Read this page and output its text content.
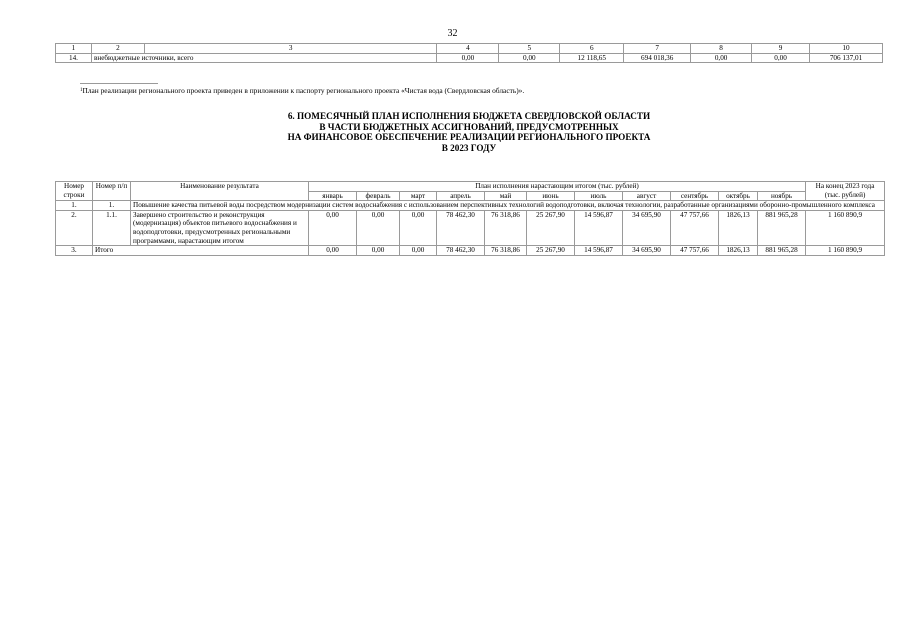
32
1	2	3	4	5	6	7	8	9	10
14.	внебюджетные источники, всего		0,00	0,00	12 118,65	694 018,36	0,00	0,00	706 137,01
$^1$План реализации регионального проекта приведен в приложении к паспорту регионального проекта «Чистая вода (Свердловская область)».
6. ПОМЕСЯЧНЫЙ ПЛАН ИСПОЛНЕНИЯ БЮДЖЕТА СВЕРДЛОВСКОЙ ОБЛАСТИ
В ЧАСТИ БЮДЖЕТНЫХ АССИГНОВАНИЙ, ПРЕДУСМОТРЕННЫХ
НА ФИНАНСОВОЕ ОБЕСПЕЧЕНИЕ РЕАЛИЗАЦИИ РЕГИОНАЛЬНОГО ПРОЕКТА
В 2023 ГОДУ
Номер строки	Номер п/п	Наименование результата	План исполнения нарастающим итогом (тыс. рублей)											На конец 2023 года (тыс. рублей)
			январь	февраль	март	апрель	май	июнь	июль	август	сентябрь	октябрь	ноябрь	
1.	1.	Повышение качества питьевой воды посредством модернизации систем водоснабжения с использованием перспективных технологий водоподготовки, включая технологии, разработанные организациями оборонно-промышленного комплекса												
2.	1.1.	Завершено строительство и реконструкция (модернизация) объектов питьевого водоснабжения и водоподготовки, предусмотренных региональными программами, нарастающим итогом	0,00	0,00	0,00	78 462,30	76 318,86	25 267,90	14 596,87	34 695,90	47 757,66	1826,13	881 965,28	1 160 890,9
3.	Итого		0,00	0,00	0,00	78 462,30	76 318,86	25 267,90	14 596,87	34 695,90	47 757,66	1826,13	881 965,28	1 160 890,9
